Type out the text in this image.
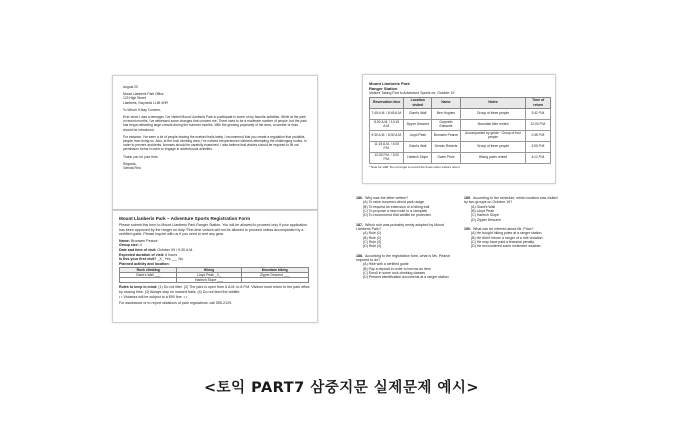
August 20
Mount Llanberis Park Office
123 High Street
Llanberis, Gwynedd LL55 4HR
To Whom It May Concern,
Ever since I was a teenager, I've visited Mount Llanberis Park to participate in some of my favorite activities. While at the park in recent months, I've witnessed some changes that concern me. There used to be a moderate number of people, but the park has begun attracting large crowds during the summer months. With the growing popularity of the area, a number of risks should be introduced.
For instance, I've seen a lot of people leaving the marked trails lately. I recommend that you create a regulation that prohibits people from doing so. Also, at the rock climbing area, I've noticed inexperienced climbers attempting the challenging routes. In order to prevent accidents, licenses should be carefully examined. I also believe that visitors should be required to fill out permission forms in order to engage in adventurous activities.
Thank you for your time.
Regards,
Glenda Rea
Mount Llanberis Park – Adventure Sports Registration Form
Please submit this form to Mount Llanberis Park Ranger Station. You will be allowed to proceed only if your application has been approved by the ranger on duty. First-time visitors will not be allowed to proceed unless accompanied by a certified guide. Please inquire with us if you need to rent any gear.
Name: Bronwen Pearce
Group size: 4
Date and time of visit: October 09 / 9:30 A.M.
Expected duration of visit: 6 hours
Is this your first visit? _X_ Yes ___ No
Planned activity and location:
Rock climbing	Hiking	Mountain biking
Giant's Wall ___	Lloyd Peak _X_	Zipper Descent ___
	Harlech Slope ___	
Rules to keep in mind: (1) Do not litter. (2) The park is open from 6 A.M. to 8 P.M. Visitors must return to the park office by closing time. (3) Always stay on marked trails. (4) Do not feed the wildlife.
• • Violators will be subject to a $90 fine. • •
For assistance or to report violations of park regulations, call 555-2129.
Mount Llanberis Park
Ranger Station
Visitors Taking Part in Adventure Sports on: October 19
Reservation time	Location visited	Name	Notes	Time of return
7:45 A.M. / 8:45 A.M.	Giant's Wall	Ben Hughes	Group of three people	3:42 P.M.
8:00 A.M. / 10:15 A.M.	Zipper Descent	Gwyneth Edwards	Mountain bike rented	12:00 P.M.
9:30 A.M. / 8:30 A.M.	Lloyd Peak	Bronwen Pearce	Accompanied by guide · Group of four people	2:48 P.M.
11:15 A.M. / 4:00 P.M.	Giant's Wall	Dennis Roberts	Group of three people	3:55 P.M.
12:30 P.M. / 3:00 P.M.	Harlech Slope	Owen Price	Hiking poles rented	4:12 P.M.
* Note for staff: Do not forget to record the times when visitors return.
186. Why was the letter written?
(A) To raise concerns about park usage
(B) To request an extension of a hiking trail
(C) To propose a new route to a campsite
(D) To recommend that wildlife be protected
187. Which rule was probably newly adopted by Mount Llanberis Park?
(A) Rule (1)
(B) Rule (2)
(C) Rule (3)
(D) Rule (4)
188. According to the registration form, what is Ms. Pearce required to do?
(A) Hike with a certified guide
(B) Pay a deposit in order to borrow an item
(C) Enroll in some rock climbing classes
(D) Present identification documents at a ranger station
189. According to the schedule, which location was visited by two groups on October 19?
(A) Giant's Wall
(B) Lloyd Peak
(C) Harlech Slope
(D) Zipper Descent
190. What can be inferred about Mr. Price?
(A) He bought hiking poles at a ranger station.
(B) He didn't inform a ranger of a rule violation.
(C) He may have paid a financial penalty.
(D) He encountered some inclement weather.
<토익 PART7 삼중지문 실제문제 예시>
